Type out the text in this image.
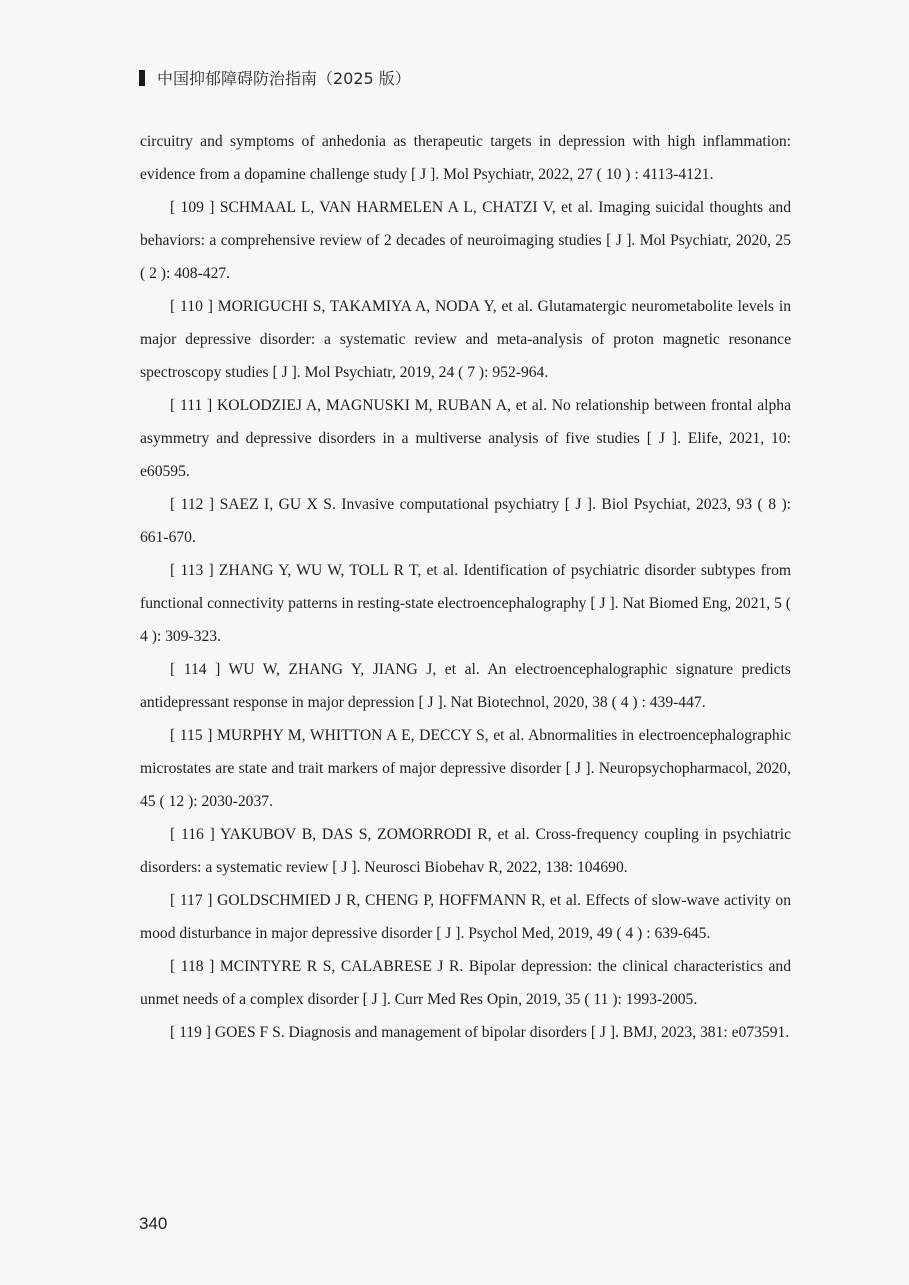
中国抑郁障碍防治指南（2025 版）

circuitry and symptoms of anhedonia as therapeutic targets in depression with high inflammation: evidence from a dopamine challenge study [ J ]. Mol Psychiatr, 2022, 27 ( 10 ) : 4113-4121.

[ 109 ] SCHMAAL L, VAN HARMELEN A L, CHATZI V, et al. Imaging suicidal thoughts and behaviors: a comprehensive review of 2 decades of neuroimaging studies [ J ]. Mol Psychiatr, 2020, 25 ( 2 ): 408-427.

[ 110 ] MORIGUCHI S, TAKAMIYA A, NODA Y, et al. Glutamatergic neurometabolite levels in major depressive disorder: a systematic review and meta-analysis of proton magnetic resonance spectroscopy studies [ J ]. Mol Psychiatr, 2019, 24 ( 7 ): 952-964.

[ 111 ] KOLODZIEJ A, MAGNUSKI M, RUBAN A, et al. No relationship between frontal alpha asymmetry and depressive disorders in a multiverse analysis of five studies [ J ]. Elife, 2021, 10: e60595.

[ 112 ] SAEZ I, GU X S. Invasive computational psychiatry [ J ]. Biol Psychiat, 2023, 93 ( 8 ): 661-670.

[ 113 ] ZHANG Y, WU W, TOLL R T, et al. Identification of psychiatric disorder subtypes from functional connectivity patterns in resting-state electroencephalography [ J ]. Nat Biomed Eng, 2021, 5 ( 4 ): 309-323.

[ 114 ] WU W, ZHANG Y, JIANG J, et al. An electroencephalographic signature predicts antidepressant response in major depression [ J ]. Nat Biotechnol, 2020, 38 ( 4 ) : 439-447.

[ 115 ] MURPHY M, WHITTON A E, DECCY S, et al. Abnormalities in electroencephalographic microstates are state and trait markers of major depressive disorder [ J ]. Neuropsychopharmacol, 2020, 45 ( 12 ): 2030-2037.

[ 116 ] YAKUBOV B, DAS S, ZOMORRODI R, et al. Cross-frequency coupling in psychiatric disorders: a systematic review [ J ]. Neurosci Biobehav R, 2022, 138: 104690.

[ 117 ] GOLDSCHMIED J R, CHENG P, HOFFMANN R, et al. Effects of slow-wave activity on mood disturbance in major depressive disorder [ J ]. Psychol Med, 2019, 49 ( 4 ) : 639-645.

[ 118 ] MCINTYRE R S, CALABRESE J R. Bipolar depression: the clinical characteristics and unmet needs of a complex disorder [ J ]. Curr Med Res Opin, 2019, 35 ( 11 ): 1993-2005.

[ 119 ] GOES F S. Diagnosis and management of bipolar disorders [ J ]. BMJ, 2023, 381: e073591.

340
